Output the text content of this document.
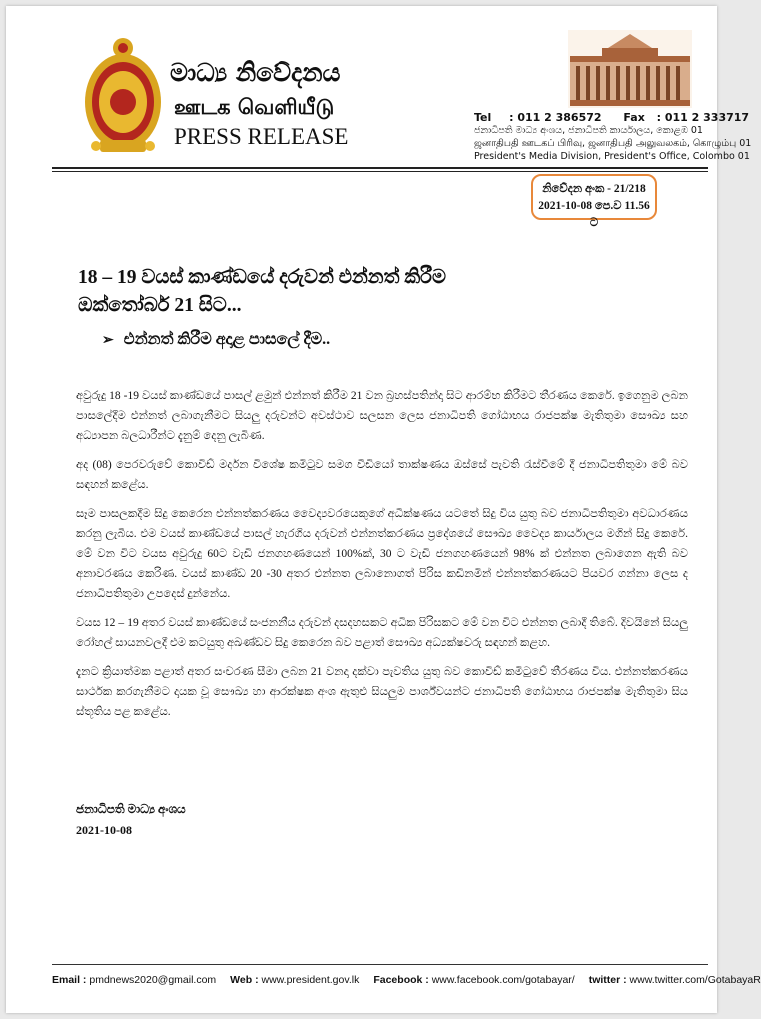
මාධ්‍ය නිවේදනය
ஊடக வெளியீடு
PRESS RELEASE
Tel : 011 2 386572 Fax : 011 2 333717
ජනාධිපති මාධ්‍ය අංශය, ජනාධිපති කාර්යාලය, කොළඹ 01
ஜனாதிபதி ஊடகப் பிரிவு, ஜனாதிபதி அலுவலகம், கொழும்பு 01
President's Media Division, President's Office, Colombo 01
නිවේදන අංක - 21/218
2021-10-08 පෙ.ව 11.56 ට
18 – 19 වයස් කාණ්ඩයේ දරුවන් එන්නත් කිරීම
ඔක්තෝබර් 21 සිට...
➢ එන්නත් කිරීම අදාළ පාසලේ දීම..

අවුරුදු 18 -19 වයස් කාණ්ඩයේ පාසල් ළමුන් එන්නත් කිරීම 21 වන බ්‍රහස්පතින්දා සිට ආරම්භ කිරීමට තීරණය කෙරේ. ඉගෙනුම ලබන පාසලේදීම එන්නත් ලබාගැනීමට සියලු දරුවන්ට අවස්ථාව සලසන ලෙස ජනාධිපති ගෝඨාභය රාජපක්ෂ මැතිතුමා සෞඛ්‍ය සහ අධ්‍යාපන බලධාරීන්ට දැනුම් දෙනු ලැබිණ.

අද (08) පෙරවරුවේ කොවිඩ් මර්දන විශේෂ කමිටුව සමග වීඩියෝ තාක්ෂණය ඔස්සේ පැවති රැස්වීමේ දී ජනාධිපතිතුමා මේ බව සඳහන් කළේය.

සෑම පාසලකදීම සිදු කෙරෙන එන්නත්කරණය වෛද්‍යවරයෙකුගේ අධීක්ෂණය යටතේ සිදු විය යුතු බව ජනාධිපතිතුමා අවධාරණය කරනු ලැබීය. එම වයස් කාණ්ඩයේ පාසල් හැරගිය දරුවන් එන්නත්කරණය ප්‍රදේශයේ සෞඛ්‍ය වෛද්‍ය කාර්යාලය මගින් සිදු කෙරේ. මේ වන විට වයස අවුරුදු 60ට වැඩි ජනගහණයෙන් 100%ක්, 30 ට වැඩි ජනගහණයෙන් 98% ක් එන්නත ලබාගෙන ඇති බව අනාවරණය කෙරිණ. වයස් කාණ්ඩ 20 -30 අතර එන්නත ලබානොගත් පිරිස කඩිනමින් එන්නත්කරණයට පියවර ගන්නා ලෙස ද ජනාධිපතිතුමා උපදෙස් දුන්නේය.

වයස 12 – 19 අතර වයස් කාණ්ඩයේ සංජනනීය දරුවන් දසදහසකට අධික පිරිසකට මේ වන විට එන්නත ලබාදී තිබේ. දිවයිනේ සියලු රෝහල් සායනවලදී එම කටයුතු අඛණ්ඩව සිදු කෙරෙන බව පළාත් සෞඛ්‍ය අධ්‍යක්ෂවරු සඳහන් කළහ.

දැනට ක්‍රියාත්මක පළාත් අතර සංචරණ සීමා ලබන 21 වනදා දක්වා පැවතිය යුතු බව කොවිඩ් කමිටුවේ තීරණය විය. එන්නත්කරණය සාර්ථක කරගැනීමට දායක වූ සෞඛ්‍ය හා ආරක්ෂක අංශ ඇතුළු සියලුම පාර්ශ්වයන්ට ජනාධිපති ගෝඨාභය රාජපක්ෂ මැතිතුමා සිය ස්තූතිය පළ කළේය.

ජනාධිපති මාධ්‍ය අංශය
2021-10-08
Email : pmdnews2020@gmail.com Web : www.president.gov.lk Facebook : www.facebook.com/gotabayar/ twitter : www.twitter.com/GotabayaR
